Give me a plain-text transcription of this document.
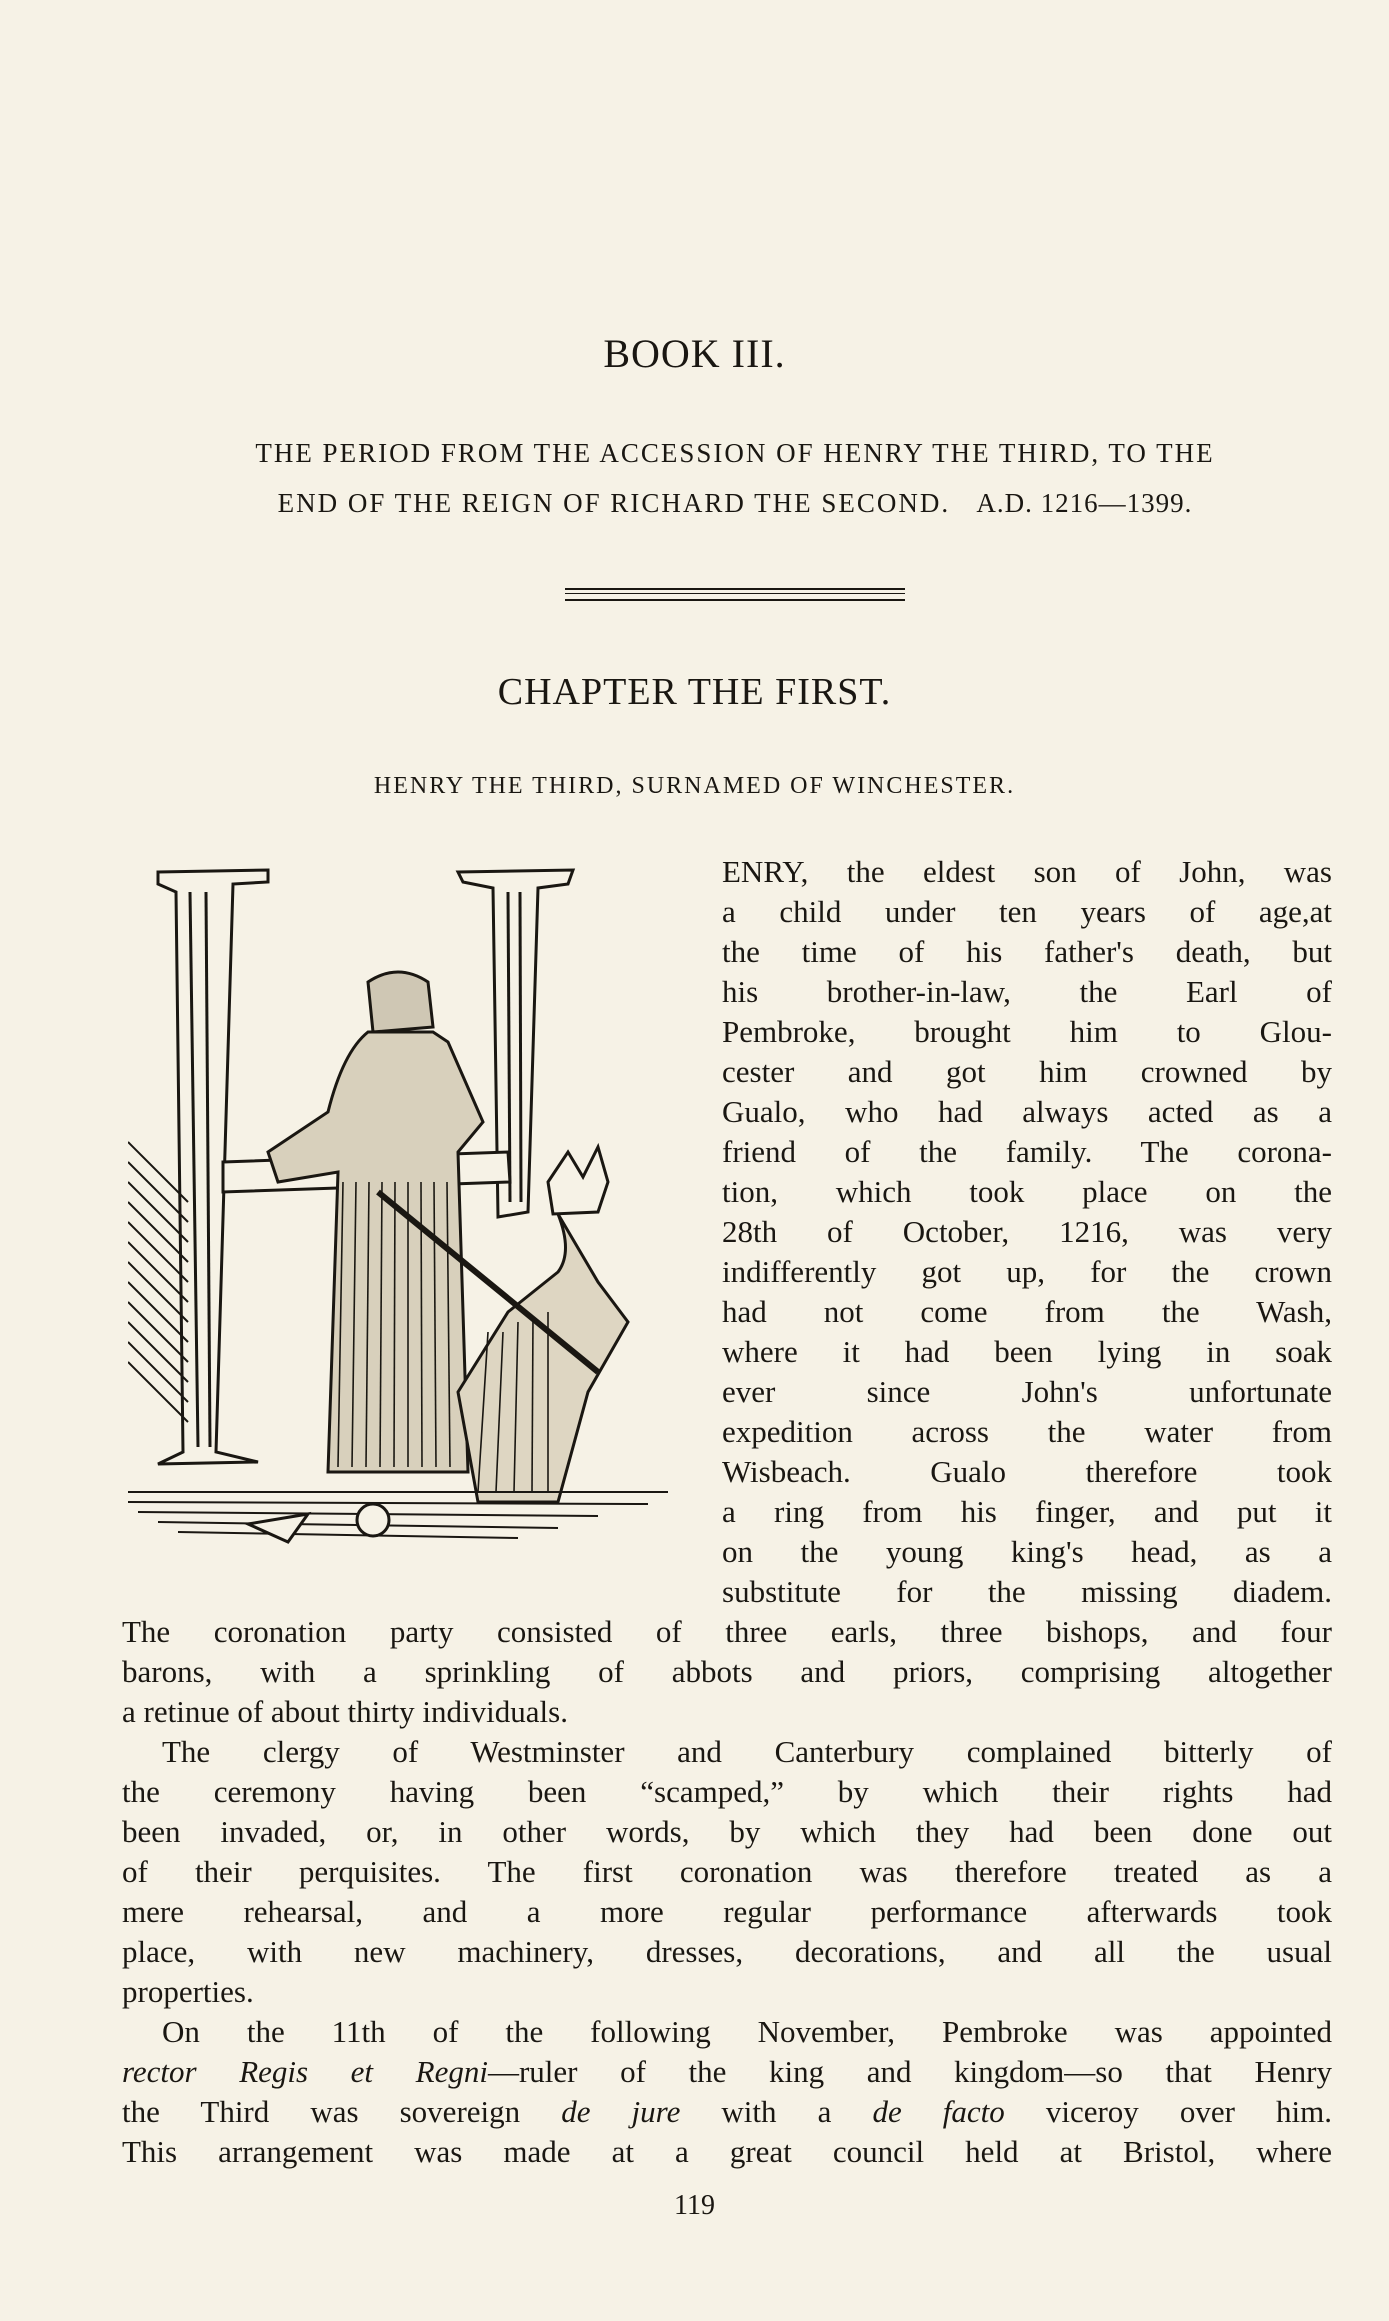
BOOK III.
THE PERIOD FROM THE ACCESSION OF HENRY THE THIRD, TO THE
END OF THE REIGN OF RICHARD THE SECOND. A.D. 1216—1399.
CHAPTER THE FIRST.
HENRY THE THIRD, SURNAMED OF WINCHESTER.
ENRY, the eldest son of John, was
a child under ten years of age,at
the time of his father's death, but
his brother-in-law, the Earl of
Pembroke, brought him to Glou-
cester and got him crowned by
Gualo, who had always acted as a
friend of the family. The corona-
tion, which took place on the
28th of October, 1216, was very
indifferently got up, for the crown
had not come from the Wash,
where it had been lying in soak
ever since John's unfortunate
expedition across the water from
Wisbeach. Gualo therefore took
a ring from his finger, and put it
on the young king's head, as a
substitute for the missing diadem.
The coronation party consisted of three earls, three bishops, and four
barons, with a sprinkling of abbots and priors, comprising altogether
a retinue of about thirty individuals.
The clergy of Westminster and Canterbury complained bitterly of
the ceremony having been “scamped,” by which their rights had
been invaded, or, in other words, by which they had been done out
of their perquisites. The first coronation was therefore treated as a
mere rehearsal, and a more regular performance afterwards took
place, with new machinery, dresses, decorations, and all the usual
properties.
On the 11th of the following November, Pembroke was appointed
rector Regis et Regni—ruler of the king and kingdom—so that Henry
the Third was sovereign de jure with a de facto viceroy over him.
This arrangement was made at a great council held at Bristol, where
119
